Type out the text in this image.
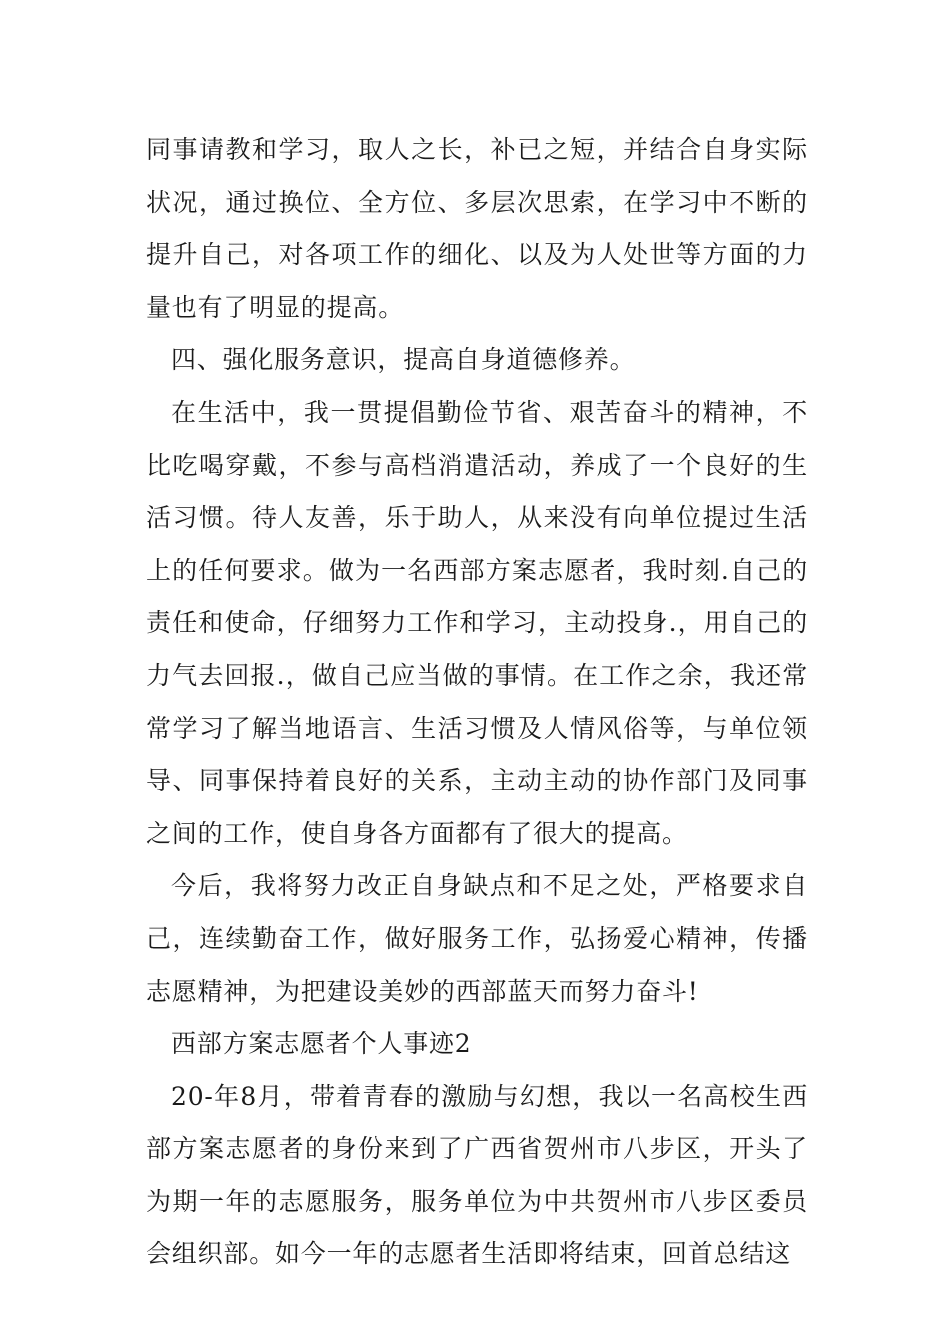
同事请教和学习，取人之长，补已之短，并结合自身实际状况，通过换位、全方位、多层次思索，在学习中不断的提升自己，对各项工作的细化、以及为人处世等方面的力量也有了明显的提高。

四、强化服务意识，提高自身道德修养。

在生活中，我一贯提倡勤俭节省、艰苦奋斗的精神，不比吃喝穿戴，不参与高档消遣活动，养成了一个良好的生活习惯。待人友善，乐于助人，从来没有向单位提过生活上的任何要求。做为一名西部方案志愿者，我时刻.自己的责任和使命，仔细努力工作和学习，主动投身.，用自己的力气去回报.，做自己应当做的事情。在工作之余，我还常常学习了解当地语言、生活习惯及人情风俗等，与单位领导、同事保持着良好的关系，主动主动的协作部门及同事之间的工作，使自身各方面都有了很大的提高。

今后，我将努力改正自身缺点和不足之处，严格要求自己，连续勤奋工作，做好服务工作，弘扬爱心精神，传播志愿精神，为把建设美妙的西部蓝天而努力奋斗!

西部方案志愿者个人事迹2

20-年8月，带着青春的激励与幻想，我以一名高校生西部方案志愿者的身份来到了广西省贺州市八步区，开头了为期一年的志愿服务，服务单位为中共贺州市八步区委员会组织部。如今一年的志愿者生活即将结束，回首总结这
